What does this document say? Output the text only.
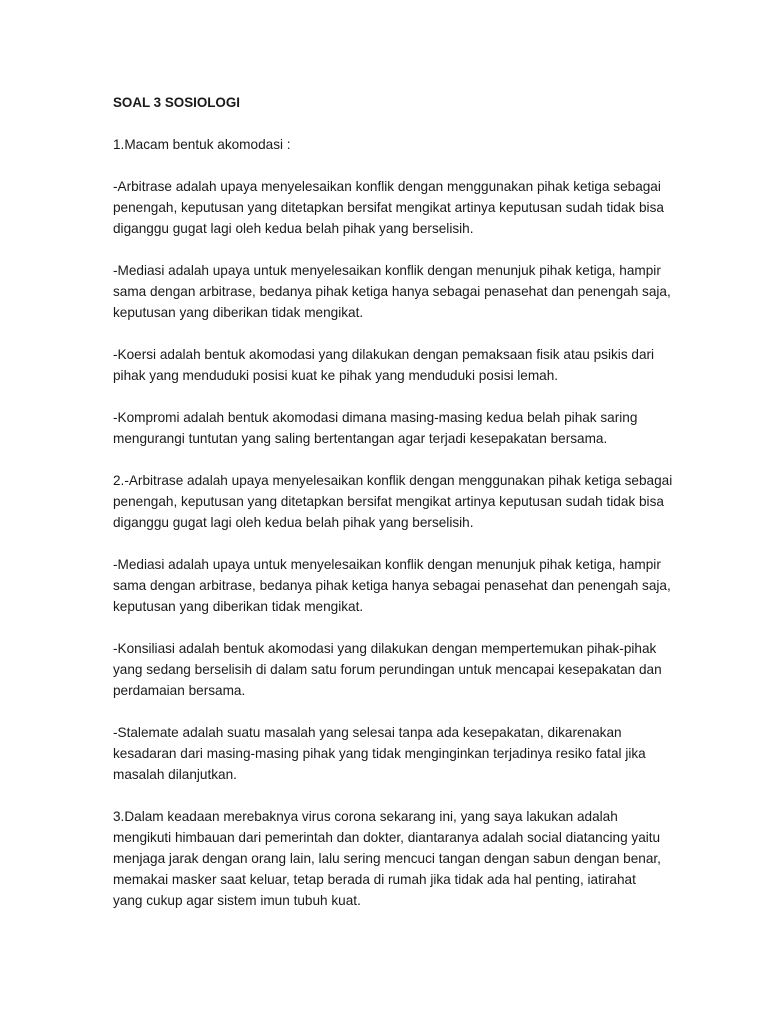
SOAL 3 SOSIOLOGI

1.Macam bentuk akomodasi :

-Arbitrase adalah upaya menyelesaikan konflik dengan menggunakan pihak ketiga sebagai
penengah, keputusan yang ditetapkan bersifat mengikat artinya keputusan sudah tidak bisa
diganggu gugat lagi oleh kedua belah pihak yang berselisih.

-Mediasi adalah upaya untuk menyelesaikan konflik dengan menunjuk pihak ketiga, hampir
sama dengan arbitrase, bedanya pihak ketiga hanya sebagai penasehat dan penengah saja,
keputusan yang diberikan tidak mengikat.

-Koersi adalah bentuk akomodasi yang dilakukan dengan pemaksaan fisik atau psikis dari
pihak yang menduduki posisi kuat ke pihak yang menduduki posisi lemah.

-Kompromi adalah bentuk akomodasi dimana masing-masing kedua belah pihak saring
mengurangi tuntutan yang saling bertentangan agar terjadi kesepakatan bersama.

2.-Arbitrase adalah upaya menyelesaikan konflik dengan menggunakan pihak ketiga sebagai
penengah, keputusan yang ditetapkan bersifat mengikat artinya keputusan sudah tidak bisa
diganggu gugat lagi oleh kedua belah pihak yang berselisih.

-Mediasi adalah upaya untuk menyelesaikan konflik dengan menunjuk pihak ketiga, hampir
sama dengan arbitrase, bedanya pihak ketiga hanya sebagai penasehat dan penengah saja,
keputusan yang diberikan tidak mengikat.

-Konsiliasi adalah bentuk akomodasi yang dilakukan dengan mempertemukan pihak-pihak
yang sedang berselisih di dalam satu forum perundingan untuk mencapai kesepakatan dan
perdamaian bersama.

-Stalemate adalah suatu masalah yang selesai tanpa ada kesepakatan, dikarenakan
kesadaran dari masing-masing pihak yang tidak menginginkan terjadinya resiko fatal jika
masalah dilanjutkan.

3.Dalam keadaan merebaknya virus corona sekarang ini, yang saya lakukan adalah
mengikuti himbauan dari pemerintah dan dokter, diantaranya adalah social diatancing yaitu
menjaga jarak dengan orang lain, lalu sering mencuci tangan dengan sabun dengan benar,
memakai masker saat keluar, tetap berada di rumah jika tidak ada hal penting, iatirahat
yang cukup agar sistem imun tubuh kuat.
